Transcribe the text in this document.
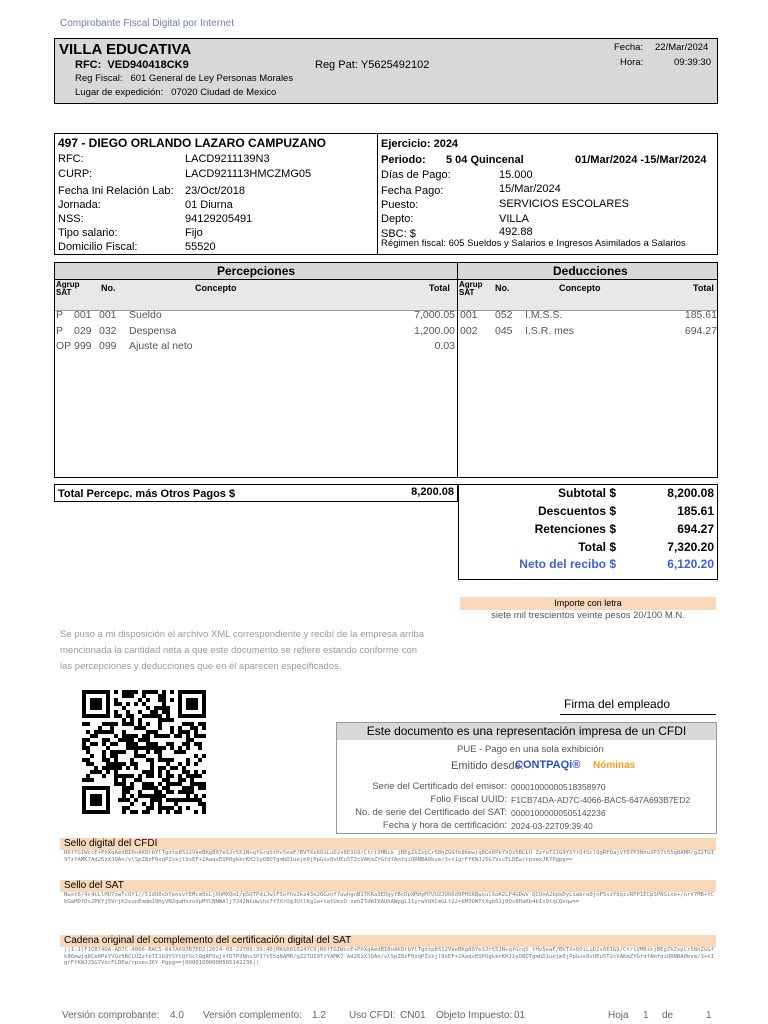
Comprobante Fiscal Digital por Internet
VILLA EDUCATIVA
RFC: VED940418CK9	Reg Pat: Y5625492102
Reg Fiscal: 601 General de Ley Personas Morales
Lugar de expedición: 07020 Ciudad de Mexico
Fecha: 22/Mar/2024
Hora:	09:39:30
497 - DIEGO ORLANDO LAZARO CAMPUZANO
RFC:	LACD9211139N3
CURP:	LACD921113HMCZMG05
Fecha Ini Relación Lab: 23/Oct/2018
Jornada:	01 Diurna
NSS:	94129205491
Tipo salario:	Fijo
Domicilio Fiscal:	55520
Ejercicio: 2024
Periodo: 5 04 Quincenal	01/Mar/2024 -15/Mar/2024
Días de Pago:	15.000
Fecha Pago:	15/Mar/2024
Puesto:	SERVICIOS ESCOLARES
Depto:	VILLA
SBC: $	492.88
Régimen fiscal: 605 Sueldos y Salarios e Ingresos Asimilados a Salarios
Percepciones	Deducciones
Agrup SAT	No.	Concepto	Total Agrup SAT	No.	Concepto	Total
P 001 001 Sueldo	7,000.05
P 029 032 Despensa	1,200.00
OP 999 099 Ajuste al neto	0.03
001 052 I.M.S.S.	185.61
002 045 I.S.R. mes	694.27
Total Percepc. más Otros Pagos $	8,200.08	Subtotal $	8,200.08
Descuentos $	185.61
Retenciones $	694.27
Total $	7,320.20
Neto del recibo $	6,120.20
Importe con letra
siete mil trescientos veinte pesos 20/100 M.N.
Se puso a mi disposición el archivo XML correspondiente y recibí de la empresa arriba mencionada la cantidad neta a que este documento se refiere estando conforme con las percepciones y deducciones que en él aparecen especificados.
Firma del empleado
Este documento es una representación impresa de un CFDI
PUE - Pago en una sola exhibición
Emitido desde:
CONTPAQi® Nóminas
Serie del Certificado del emisor: 00001000000518358970
Folio Fiscal UUID: F1CB74DA-AD7C-4066-BAC5-647A693B7ED2
No. de serie del Certificado del SAT: 00001000000505142236
Fecha y hora de certificación: 2024-03-22T09:39:40
Sello digital del CFDI
R6fTGIWccE+PhXqAedBI0oAKQtbYlTgdtp8S12VkeBKg807eSJr551N+qfGrqStHv5eaF/BVTXs6OiLuD2s6E1G9/CtriVMBik jBEgZkZxpCr58hZGGfk86mwjq8Ce0PkYVQz5BCLU ZzfeTI1G9YSYtQfSclQgRFOajVfD7P3Nhu3P37t55q8AMR/gZ2TUI9TzYAMK7Ad26zXJQAn/vlSpZ8zF0xqPZskjl9xEF+2AaqvEQPOgkkrKHJ1yO8OTgmbD1uejm0jPpGos8vUEu5T2cVAKmZYGfdfAmfqiQRNBA0bvm/3+n1grFfKWJJ5G7VscFLDEw/rpxexJKYPgpg==
Sello del SAT
Nwst6/4c4tLlHU7owTcOf1//51dO0sbYenvvfEMcm0sLjXhMXQm1/pSQTPdiJwlFSoYhv2kz43e2GGzof7uwhgnB1TKRa3EOgyfBcDpXMdyM7UUZJOO6d9PHSKBwsulSoA2LP4GDwV QCUnA2bpkDyLiwbra0joP5szf8qivRPP1ECpSPNSixk+/nrV7MB+YCbGaHDfDs2PKYj5VrjK2vunEmdm19HyVNZqwHxzoVpMYCNNWAlj7J42Nkdwihx7f7XrUgJUtlKg1a+tatUezO sehITdWIVAUhAWpgL11yrwVdXCmGLt22+bM3OWTtXgb61j0Qs8HaKb4bIs9tqCQxqw==
Cadena original del complemento del certificación digital del SAT
||1.1|F1CB74DA-AD7C-4066-BAC5-647A693B7ED2|2024-03-22T09:39:40|MAS0810247C0|R6fTGIWccE+PhXqAedBI0oAKQtbYlTgdtp8S12VkeBKg807eSJr551N+qfGrqS tHv5eaF/BVTXs6OiLuD2s6E1G9/CtriVMBikjBEgZkZxpCr58hZGGfk86mwjq8Ce0PkYVQz5BCLUZzfeTI1G9YSYtQfSclQgRFOajVfD7P3Nhu3P37t55q8AMR/gZ2TUI9TzYAMK7 Ad26zXJQAn/vlSpZ8zF0xqPZskjl9xEF+2AaqvEQPOgkkrKHJ1yO8OTgmbD1uejm0jPpGos8vUEu5T2cVAKmZYGfdfAmfqiQRNBA0bvm/3+n1grFfKWJJ5G7VscFLDEw/rpxexJKY Pgpg==|00001000000505142236||
Versión comprobante: 4.0 Versión complemento: 1.2 Uso CFDI: CN01 Objeto Impuesto: 01	Hoja 1 de	1
